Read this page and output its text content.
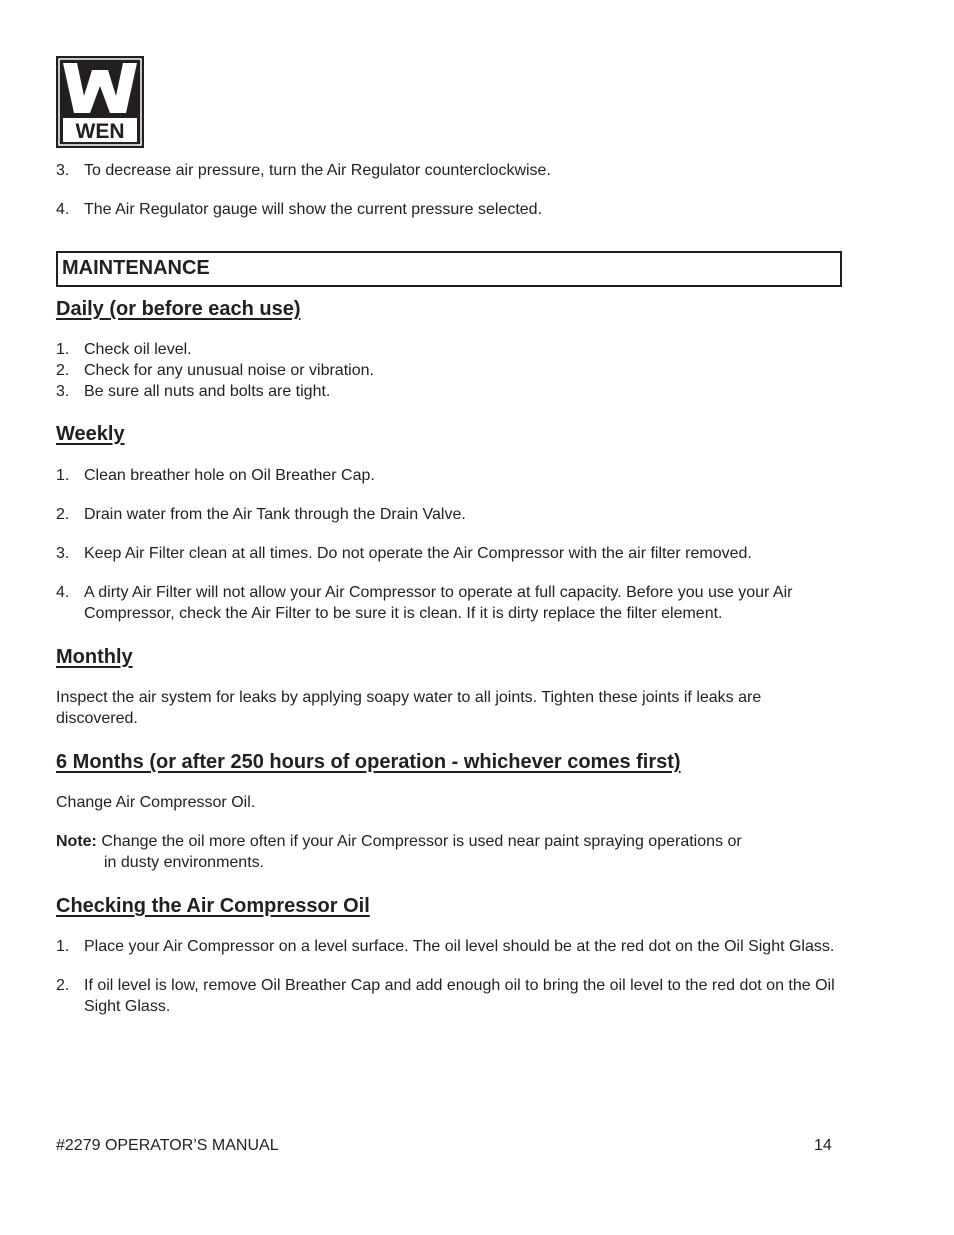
WEN
3. To decrease air pressure, turn the Air Regulator counterclockwise.
4. The Air Regulator gauge will show the current pressure selected.
MAINTENANCE
Daily (or before each use)
1. Check oil level.
2. Check for any unusual noise or vibration.
3. Be sure all nuts and bolts are tight.
Weekly
1. Clean breather hole on Oil Breather Cap.
2. Drain water from the Air Tank through the Drain Valve.
3. Keep Air Filter clean at all times. Do not operate the Air Compressor with the air filter removed.
4. A dirty Air Filter will not allow your Air Compressor to operate at full capacity. Before you use your Air Compressor, check the Air Filter to be sure it is clean. If it is dirty replace the filter element.
Monthly

Inspect the air system for leaks by applying soapy water to all joints. Tighten these joints if leaks are discovered.

6 Months (or after 250 hours of operation - whichever comes first)

Change Air Compressor Oil.

Note: Change the oil more often if your Air Compressor is used near paint spraying operations or
in dusty environments.
Checking the Air Compressor Oil
1. Place your Air Compressor on a level surface. The oil level should be at the red dot on the Oil Sight Glass.
2. If oil level is low, remove Oil Breather Cap and add enough oil to bring the oil level to the red dot on the Oil Sight Glass.
#2279 OPERATOR’S MANUAL	14
